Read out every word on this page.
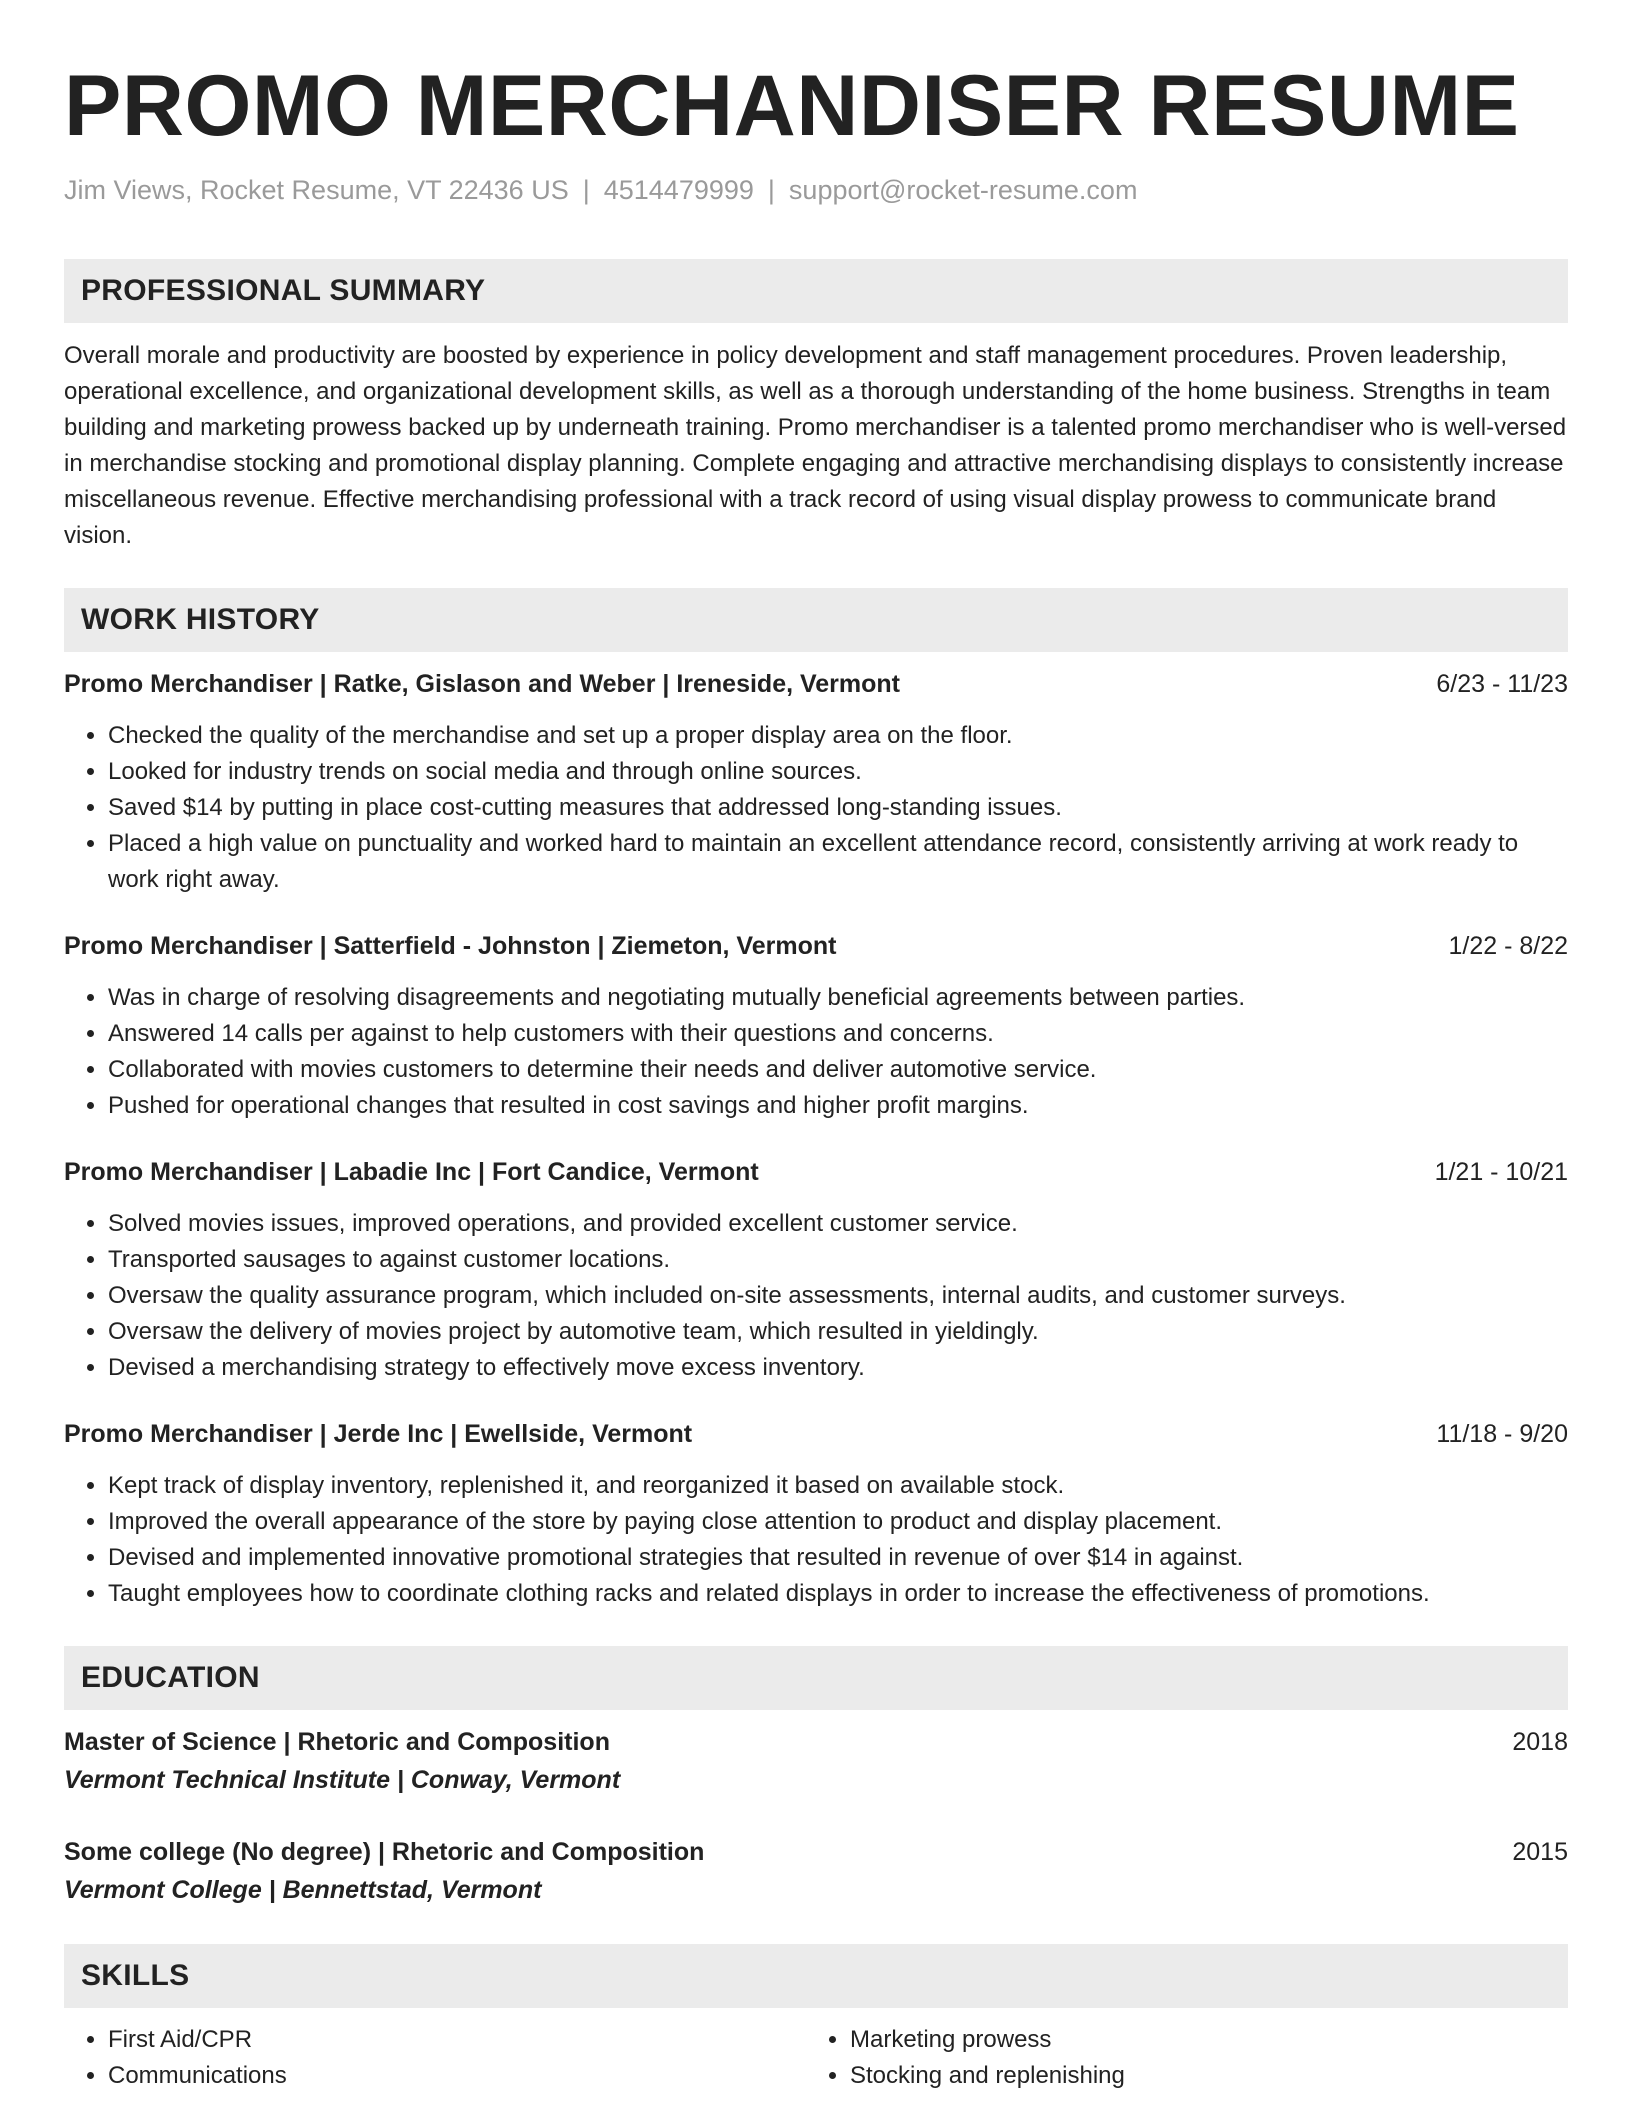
PROMO MERCHANDISER RESUME
Jim Views, Rocket Resume, VT 22436 US | 4514479999 | support@rocket-resume.com
PROFESSIONAL SUMMARY
Overall morale and productivity are boosted by experience in policy development and staff management procedures. Proven leadership, operational excellence, and organizational development skills, as well as a thorough understanding of the home business. Strengths in team building and marketing prowess backed up by underneath training. Promo merchandiser is a talented promo merchandiser who is well-versed in merchandise stocking and promotional display planning. Complete engaging and attractive merchandising displays to consistently increase miscellaneous revenue. Effective merchandising professional with a track record of using visual display prowess to communicate brand vision.
WORK HISTORY
Promo Merchandiser | Ratke, Gislason and Weber | Ireneside, Vermont	6/23 - 11/23
• Checked the quality of the merchandise and set up a proper display area on the floor.
• Looked for industry trends on social media and through online sources.
• Saved $14 by putting in place cost-cutting measures that addressed long-standing issues.
• Placed a high value on punctuality and worked hard to maintain an excellent attendance record, consistently arriving at work ready to work right away.
Promo Merchandiser | Satterfield - Johnston | Ziemeton, Vermont	1/22 - 8/22
• Was in charge of resolving disagreements and negotiating mutually beneficial agreements between parties.
• Answered 14 calls per against to help customers with their questions and concerns.
• Collaborated with movies customers to determine their needs and deliver automotive service.
• Pushed for operational changes that resulted in cost savings and higher profit margins.
Promo Merchandiser | Labadie Inc | Fort Candice, Vermont	1/21 - 10/21
• Solved movies issues, improved operations, and provided excellent customer service.
• Transported sausages to against customer locations.
• Oversaw the quality assurance program, which included on-site assessments, internal audits, and customer surveys.
• Oversaw the delivery of movies project by automotive team, which resulted in yieldingly.
• Devised a merchandising strategy to effectively move excess inventory.
Promo Merchandiser | Jerde Inc | Ewellside, Vermont	11/18 - 9/20
• Kept track of display inventory, replenished it, and reorganized it based on available stock.
• Improved the overall appearance of the store by paying close attention to product and display placement.
• Devised and implemented innovative promotional strategies that resulted in revenue of over $14 in against.
• Taught employees how to coordinate clothing racks and related displays in order to increase the effectiveness of promotions.
EDUCATION
Master of Science | Rhetoric and Composition	2018
Vermont Technical Institute | Conway, Vermont
Some college (No degree) | Rhetoric and Composition	2015
Vermont College | Bennettstad, Vermont
SKILLS
• First Aid/CPR
• Communications
• Marketing prowess
• Stocking and replenishing
